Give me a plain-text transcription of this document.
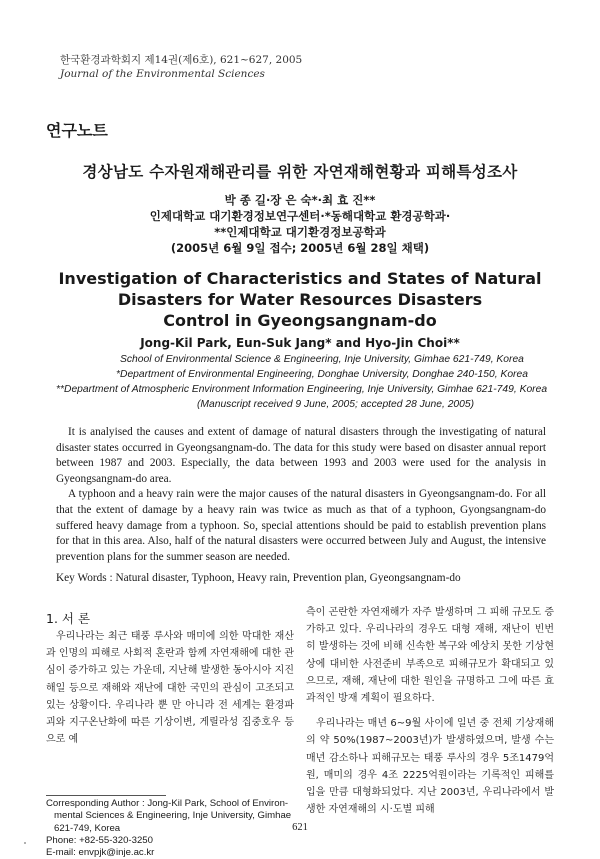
한국환경과학회지 제14권(제6호), 621~627, 2005
Journal of the Environmental Sciences
연구노트
경상남도 수자원재해관리를 위한 자연재해현황과 피해특성조사
박 종 길·장 은 숙*·최 효 진**
인제대학교 대기환경정보연구센터·*동해대학교 환경공학과·
**인제대학교 대기환경정보공학과
(2005년 6월 9일 접수; 2005년 6월 28일 채택)
Investigation of Characteristics and States of Natural
Disasters for Water Resources Disasters
Control in Gyeongsangnam-do
Jong-Kil Park, Eun-Suk Jang* and Hyo-Jin Choi**
School of Environmental Science & Engineering, Inje University, Gimhae 621-749, Korea
*Department of Environmental Engineering, Donghae University, Donghae 240-150, Korea
**Department of Atmospheric Environment Information Engineering, Inje University, Gimhae 621-749, Korea
(Manuscript received 9 June, 2005; accepted 28 June, 2005)

It is analyised the causes and extent of damage of natural disasters through the investigating of natural disaster states occurred in Gyeongsangnam-do. The data for this study were based on disaster annual report between 1987 and 2003. Especially, the data between 1993 and 2003 were used for the analysis in Gyeongsangnam-do area.

A typhoon and a heavy rain were the major causes of the natural disasters in Gyeongsangnam-do. For all that the extent of damage by a heavy rain was twice as much as that of a typhoon, Gyongsangnam-do suffered heavy damage from a typhoon. So, special attentions should be paid to establish prevention plans for that in this area. Also, half of the natural disasters were occurred between July and August, the intensive prevention plans for the summer season are needed.

Key Words : Natural disaster, Typhoon, Heavy rain, Prevention plan, Gyeongsangnam-do
1. 서 론

우리나라는 최근 태풍 루사와 매미에 의한 막대한 재산과 인명의 피해로 사회적 혼란과 함께 자연재해에 대한 관심이 증가하고 있는 가운데, 지난해 발생한 동아시아 지진해일 등으로 재해와 재난에 대한 국민의 관심이 고조되고 있는 상황이다. 우리나라 뿐 만 아니라 전 세계는 환경파괴와 지구온난화에 따른 기상이변, 게릴라성 집중호우 등으로 예

측이 곤란한 자연재해가 자주 발생하며 그 피해 규모도 증가하고 있다. 우리나라의 경우도 대형 재해, 재난이 빈번히 발생하는 것에 비해 신속한 복구와 예상치 못한 기상현상에 대비한 사전준비 부족으로 피해규모가 확대되고 있으므로, 재해, 재난에 대한 원인을 규명하고 그에 따른 효과적인 방재 계획이 필요하다.

우리나라는 매년 6~9월 사이에 일년 중 전체 기상재해의 약 50%(1987~2003년)가 발생하였으며, 발생 수는 매년 감소하나 피해규모는 태풍 루사의 경우 5조1479억원, 매미의 경우 4조 2225억원이라는 기록적인 피해를 입을 만큼 대형화되었다. 지난 2003년, 우리나라에서 발생한 자연재해의 시·도별 피해

Corresponding Author : Jong-Kil Park, School of Environ-
mental Sciences & Engineering, Inje University, Gimhae
621-749, Korea
Phone: +82-55-320-3250
E-mail: envpjk@inje.ac.kr
621
